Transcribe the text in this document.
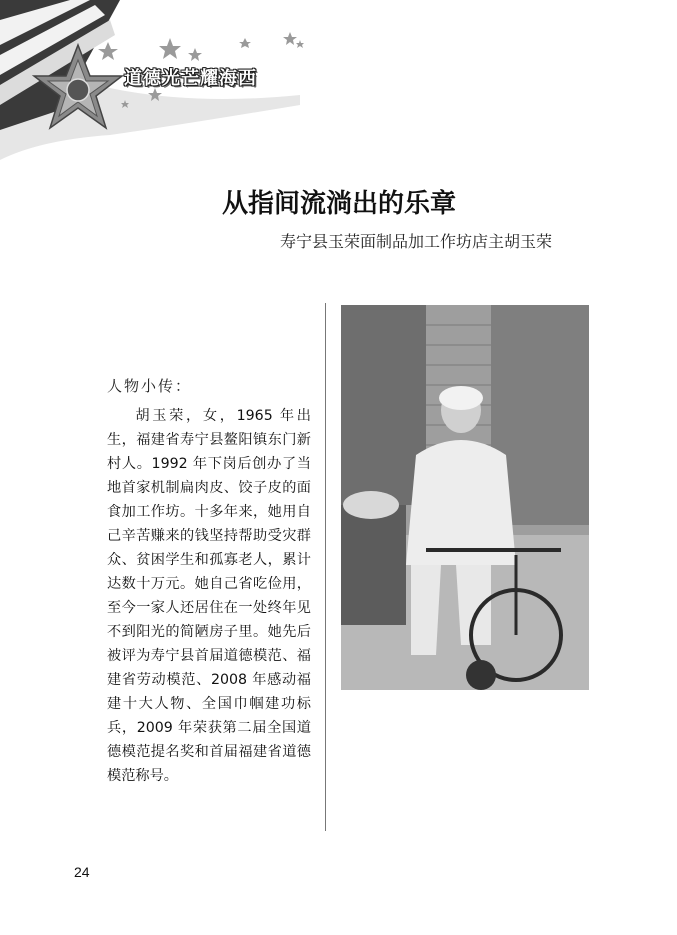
道德光芒耀海西
从指间流淌出的乐章
寿宁县玉荣面制品加工作坊店主胡玉荣
人物小传：
胡玉荣，女，1965 年出生，福建省寿宁县鳌阳镇东门新村人。1992 年下岗后创办了当地首家机制扁肉皮、饺子皮的面食加工作坊。十多年来，她用自己辛苦赚来的钱坚持帮助受灾群众、贫困学生和孤寡老人，累计达数十万元。她自己省吃俭用，至今一家人还居住在一处终年见不到阳光的简陋房子里。她先后被评为寿宁县首届道德模范、福建省劳动模范、2008 年感动福建十大人物、全国巾帼建功标兵，2009 年荣获第二届全国道德模范提名奖和首届福建省道德模范称号。
24
